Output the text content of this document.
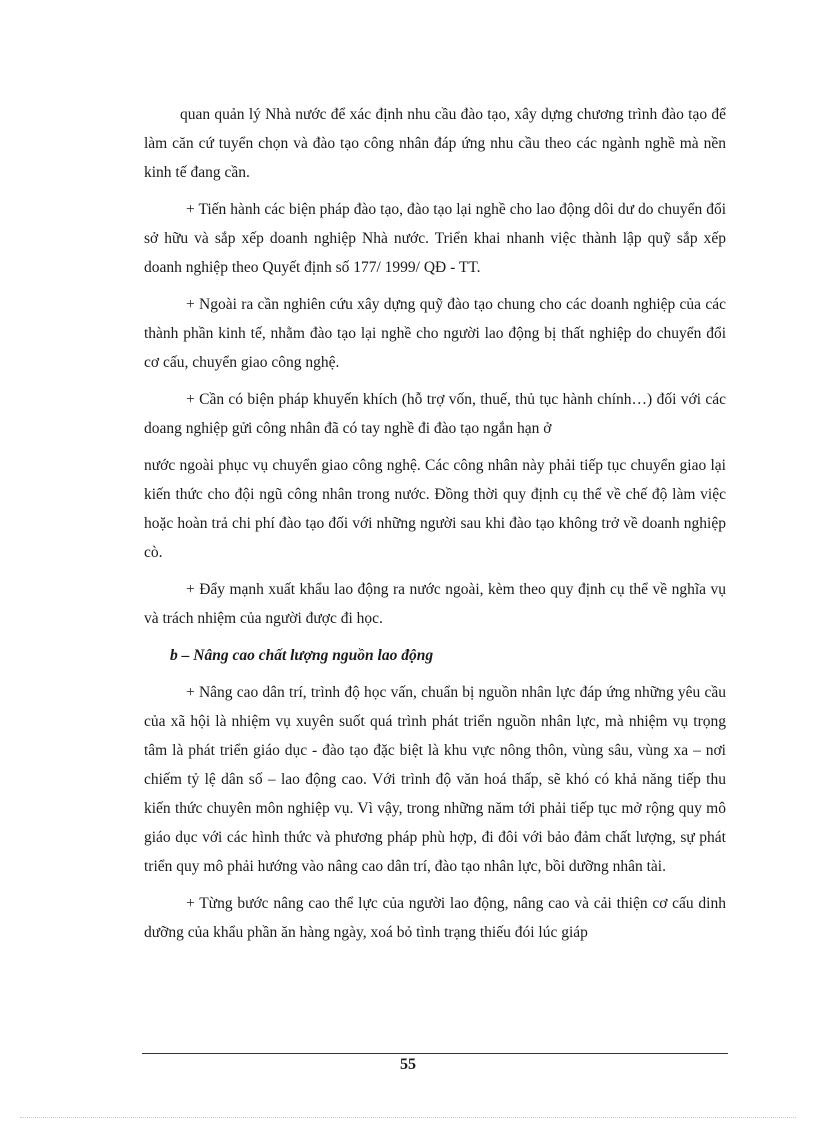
quan quản lý Nhà nước để xác định nhu cầu đào tạo, xây dựng chương trình đào tạo để làm căn cứ tuyển chọn và đào tạo công nhân đáp ứng nhu cầu theo các ngành nghề mà nền kinh tế đang cần.

+ Tiến hành các biện pháp đào tạo, đào tạo lại nghề cho lao động dôi dư do chuyển đổi sở hữu và sắp xếp doanh nghiệp Nhà nước. Triển khai nhanh việc thành lập quỹ sắp xếp doanh nghiệp theo Quyết định số 177/ 1999/ QĐ - TT.

+ Ngoài ra cần nghiên cứu xây dựng quỹ đào tạo chung cho các doanh nghiệp của các thành phần kinh tế, nhằm đào tạo lại nghề cho người lao động bị thất nghiệp do chuyển đổi cơ cấu, chuyển giao công nghệ.

+ Cần có biện pháp khuyến khích (hỗ trợ vốn, thuế, thủ tục hành chính…) đối với các doang nghiệp gửi công nhân đã có tay nghề đi đào tạo ngắn hạn ở

nước ngoài phục vụ chuyển giao công nghệ. Các công nhân này phải tiếp tục chuyển giao lại kiến thức cho đội ngũ công nhân trong nước. Đồng thời quy định cụ thể về chế độ làm việc hoặc hoàn trả chi phí đào tạo đối với những người sau khi đào tạo không trở về doanh nghiệp cò.

+ Đẩy mạnh xuất khẩu lao động ra nước ngoài, kèm theo quy định cụ thể về nghĩa vụ và trách nhiệm của người được đi học.

b – Nâng cao chất lượng nguồn lao động

+ Nâng cao dân trí, trình độ học vấn, chuẩn bị nguồn nhân lực đáp ứng những yêu cầu của xã hội là nhiệm vụ xuyên suốt quá trình phát triển nguồn nhân lực, mà nhiệm vụ trọng tâm là phát triển giáo dục - đào tạo đặc biệt là khu vực nông thôn, vùng sâu, vùng xa – nơi chiếm tỷ lệ dân số – lao động cao. Với trình độ văn hoá thấp, sẽ khó có khả năng tiếp thu kiến thức chuyên môn nghiệp vụ. Vì vậy, trong những năm tới phải tiếp tục mở rộng quy mô giáo dục với các hình thức và phương pháp phù hợp, đi đôi với bảo đảm chất lượng, sự phát triển quy mô phải hướng vào nâng cao dân trí, đào tạo nhân lực, bồi dưỡng nhân tài.

+ Từng bước nâng cao thể lực của người lao động, nâng cao và cải thiện cơ cấu dinh dưỡng của khẩu phần ăn hàng ngày, xoá bỏ tình trạng thiếu đói lúc giáp

55
